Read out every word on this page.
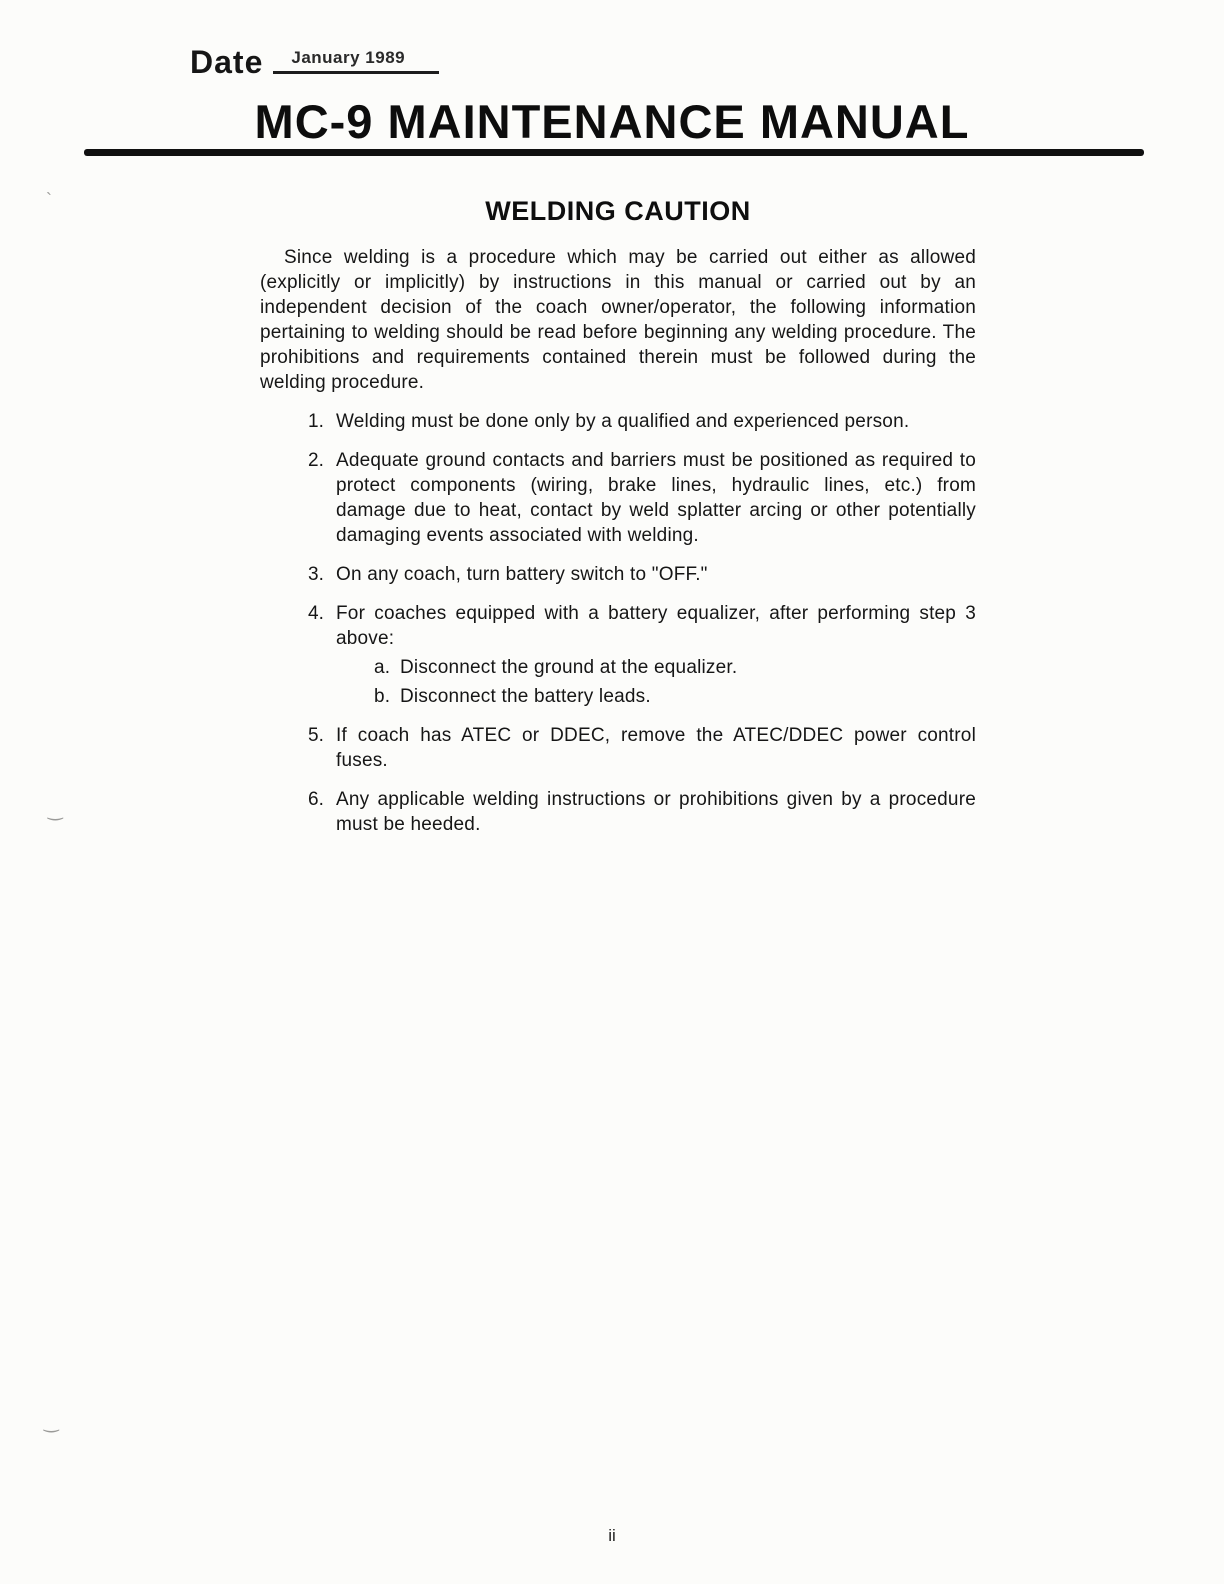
`
‿
‿
Date January 1989
MC-9 MAINTENANCE MANUAL
WELDING CAUTION

Since welding is a procedure which may be carried out either as allowed (explicitly or implicitly) by instructions in this manual or carried out by an independent decision of the coach owner/operator, the following information pertaining to welding should be read before beginning any welding procedure. The prohibitions and requirements contained therein must be followed during the welding procedure.

1. Welding must be done only by a qualified and experienced person.
2. Adequate ground contacts and barriers must be positioned as required to protect components (wiring, brake lines, hydraulic lines, etc.) from damage due to heat, contact by weld splatter arcing or other potentially damaging events associated with welding.
3. On any coach, turn battery switch to "OFF."
4. For coaches equipped with a battery equalizer, after performing step 3 above:
a. Disconnect the ground at the equalizer.
b. Disconnect the battery leads.
5. If coach has ATEC or DDEC, remove the ATEC/DDEC power control fuses.
6. Any applicable welding instructions or prohibitions given by a procedure must be heeded.
ii
